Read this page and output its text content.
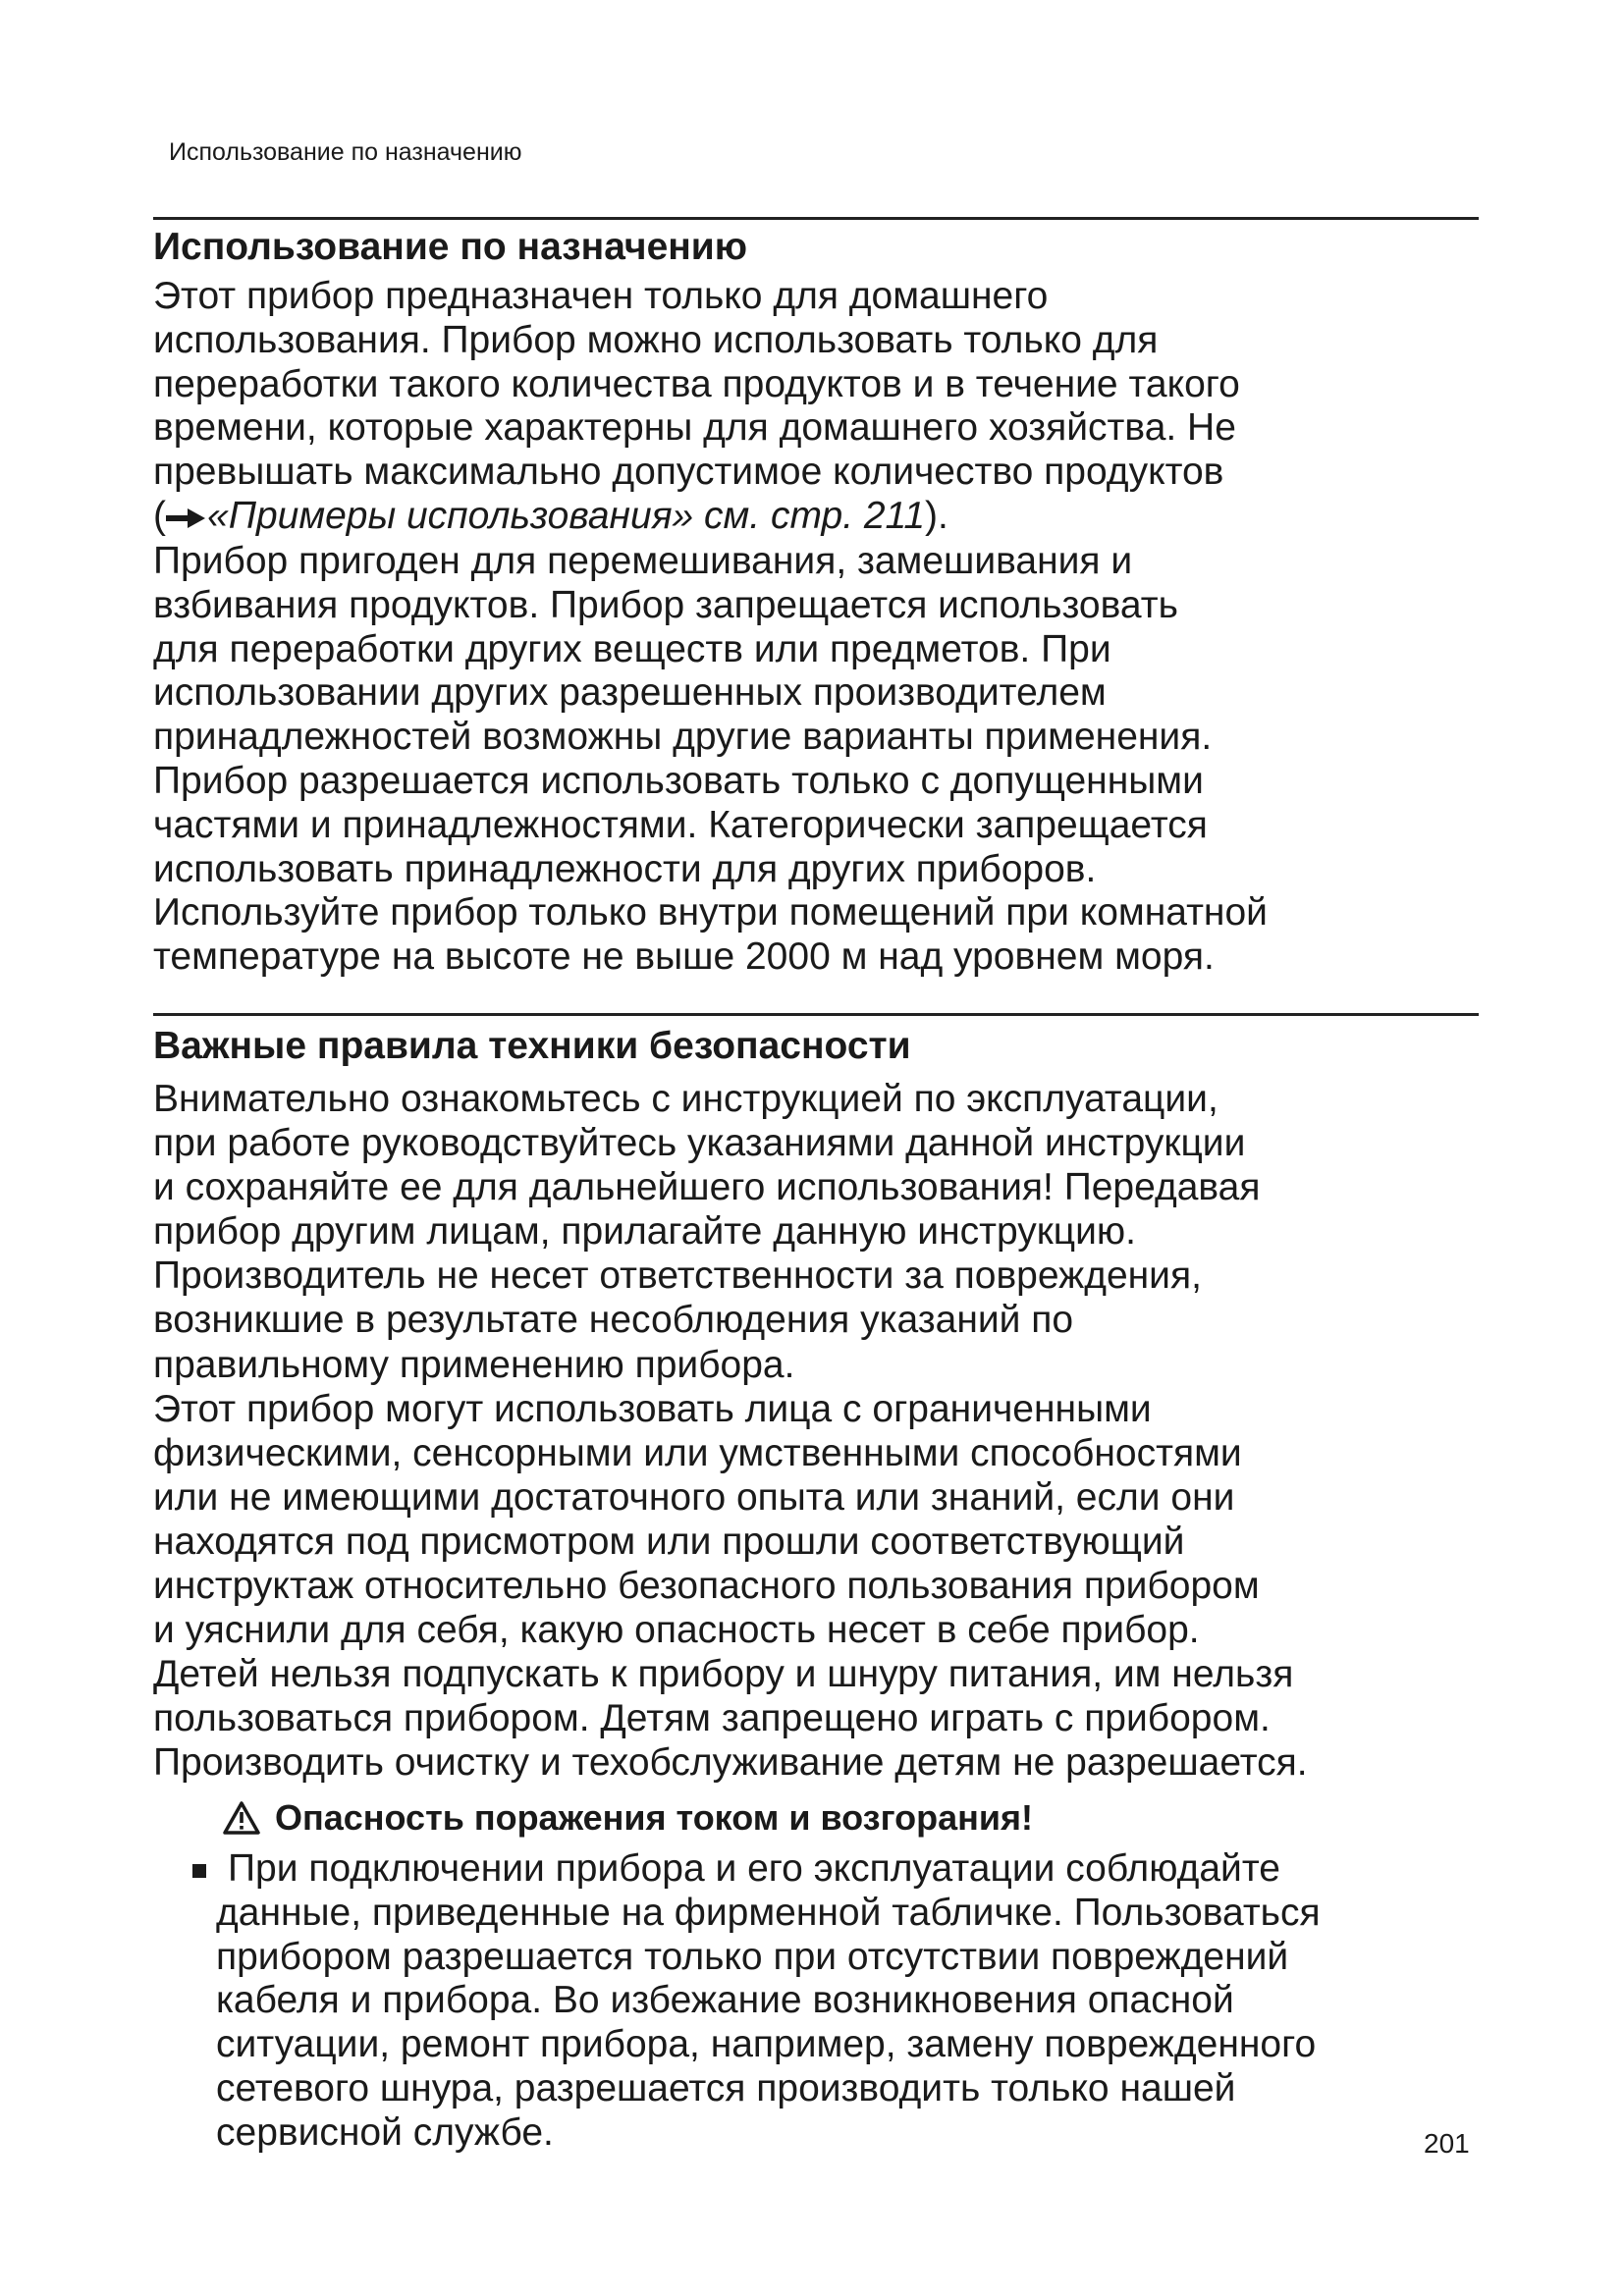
Использование по назначению
Использование по назначению
Этот прибор предназначен только для домашнего
использования. Прибор можно использовать только для
переработки такого количества продуктов и в течение такого
времени, которые характерны для домашнего хозяйства. Не
превышать максимально допустимое количество продуктов
( «Примеры использования» см. стр. 211).
Прибор пригоден для перемешивания, замешивания и
взбивания продуктов. Прибор запрещается использовать
для переработки других веществ или предметов. При
использовании других разрешенных производителем
принадлежностей возможны другие варианты применения.
Прибор разрешается использовать только с допущенными
частями и принадлежностями. Категорически запрещается
использовать принадлежности для других приборов.
Используйте прибор только внутри помещений при комнатной
температуре на высоте не выше 2000 м над уровнем моря.
Важные правила техники безопасности
Внимательно ознакомьтесь с инструкцией по эксплуатации,
при работе руководствуйтесь указаниями данной инструкции
и сохраняйте ее для дальнейшего использования! Передавая
прибор другим лицам, прилагайте данную инструкцию.
Производитель не несет ответственности за повреждения,
возникшие в результате несоблюдения указаний по
правильному применению прибора.
Этот прибор могут использовать лица с ограниченными
физическими, сенсорными или умственными способностями
или не имеющими достаточного опыта или знаний, если они
находятся под присмотром или прошли соответствующий
инструктаж относительно безопасного пользования прибором
и уяснили для себя, какую опасность несет в себе прибор.
Детей нельзя подпускать к прибору и шнуру питания, им нельзя
пользоваться прибором. Детям запрещено играть с прибором.
Производить очистку и техобслуживание детям не разрешается.
Опасность поражения током и возгорания!
При подключении прибора и его эксплуатации соблюдайте
данные, приведенные на фирменной табличке. Пользоваться
прибором разрешается только при отсутствии повреждений
кабеля и прибора. Во избежание возникновения опасной
ситуации, ремонт прибора, например, замену поврежденного
сетевого шнура, разрешается производить только нашей
сервисной службе.	201
